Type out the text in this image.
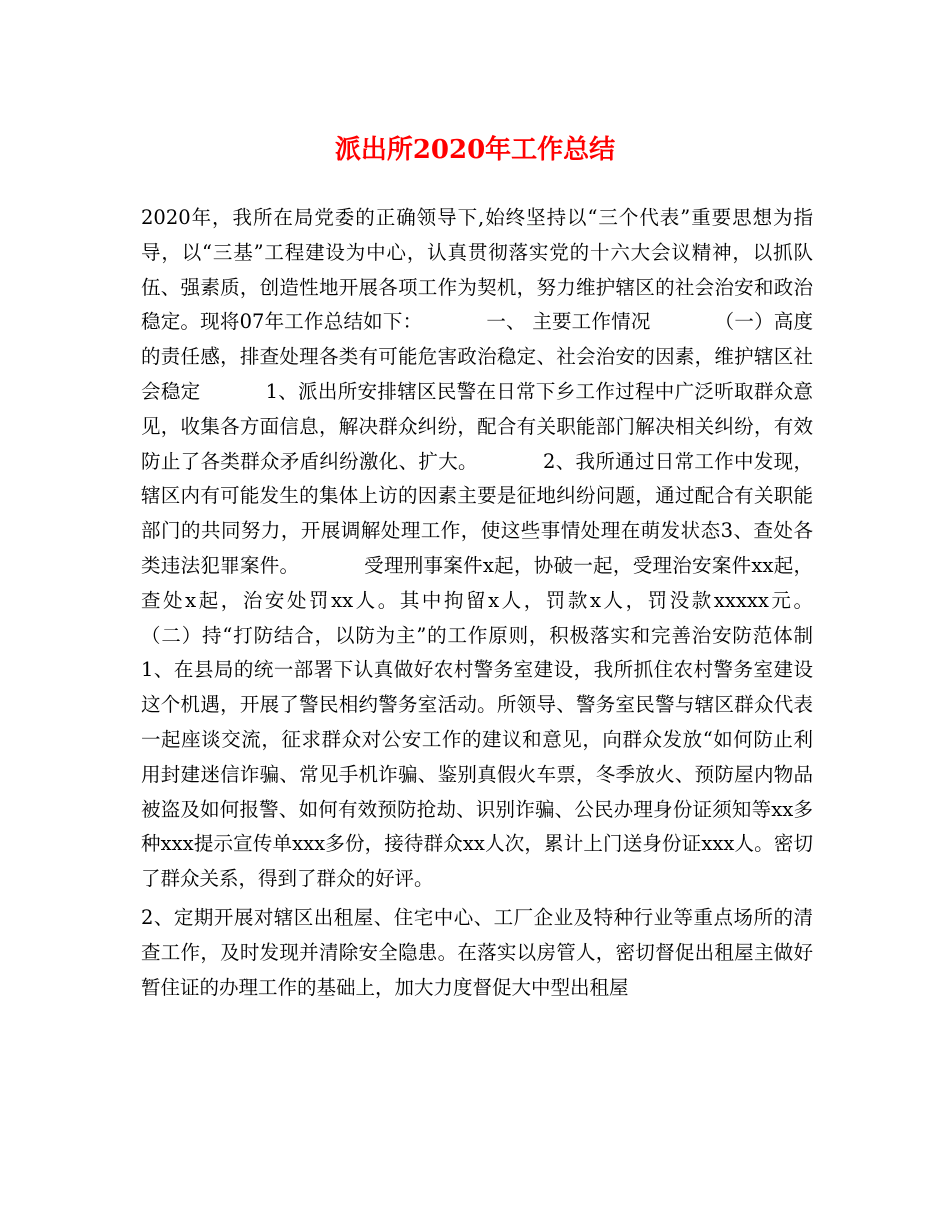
派出所2020年工作总结

2020年，我所在局党委的正确领导下,始终坚持以“三个代表”重要思想为指导，以“三基”工程建设为中心，认真贯彻落实党的十六大会议精神，以抓队伍、强素质，创造性地开展各项工作为契机，努力维护辖区的社会治安和政治稳定。现将07年工作总结如下：          一、 主要工作情况          （一）高度的责任感，排查处理各类有可能危害政治稳定、社会治安的因素，维护辖区社会稳定          1、派出所安排辖区民警在日常下乡工作过程中广泛听取群众意见，收集各方面信息，解决群众纠纷，配合有关职能部门解决相关纠纷，有效防止了各类群众矛盾纠纷激化、扩大。          2、我所通过日常工作中发现，辖区内有可能发生的集体上访的因素主要是征地纠纷问题，通过配合有关职能部门的共同努力，开展调解处理工作，使这些事情处理在萌发状态3、查处各类违法犯罪案件。          受理刑事案件x起，协破一起，受理治安案件xx起，查处x起，治安处罚xx人。其中拘留x人，罚款x人，罚没款xxxxx元。          （二）持“打防结合，以防为主”的工作原则，积极落实和完善治安防范体制          1、在县局的统一部署下认真做好农村警务室建设，我所抓住农村警务室建设这个机遇，开展了警民相约警务室活动。所领导、警务室民警与辖区群众代表一起座谈交流，征求群众对公安工作的建议和意见，向群众发放“如何防止利用封建迷信诈骗、常见手机诈骗、鉴别真假火车票，冬季放火、预防屋内物品被盗及如何报警、如何有效预防抢劫、识别诈骗、公民办理身份证须知等xx多种xxx提示宣传单xxx多份，接待群众xx人次，累计上门送身份证xxx人。密切了群众关系，得到了群众的好评。

2、定期开展对辖区出租屋、住宅中心、工厂企业及特种行业等重点场所的清查工作，及时发现并清除安全隐患。在落实以房管人，密切督促出租屋主做好暂住证的办理工作的基础上，加大力度督促大中型出租屋
